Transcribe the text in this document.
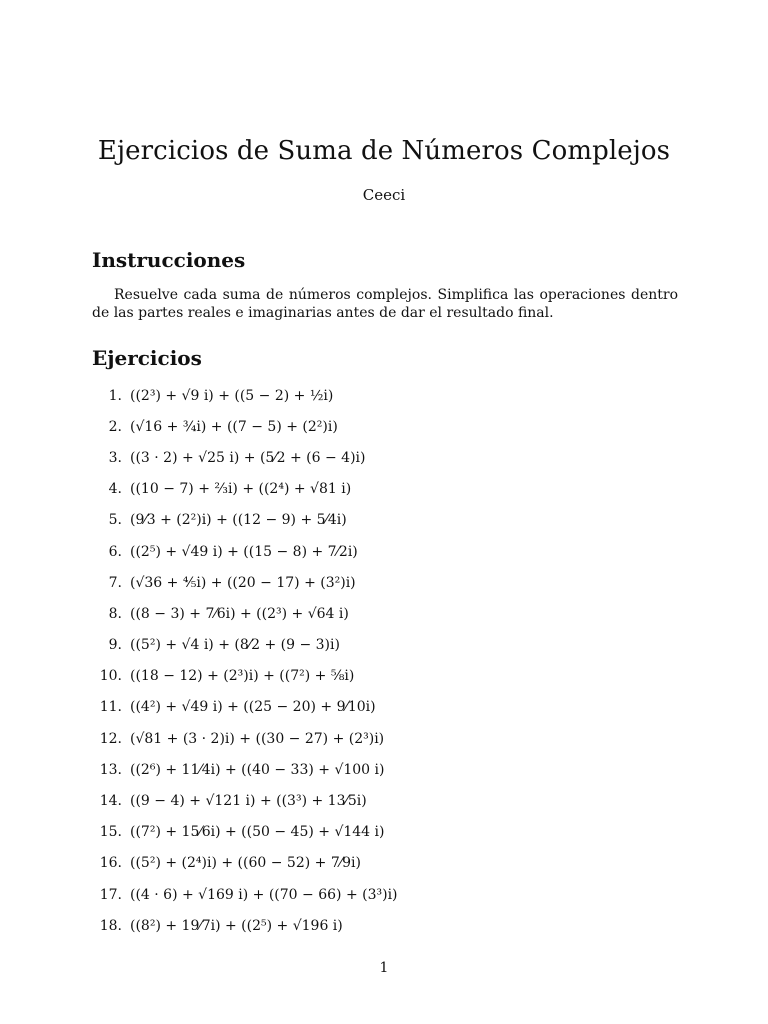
Ejercicios de Suma de Números Complejos
Ceeci
Instrucciones

Resuelve cada suma de números complejos. Simplifica las operaciones dentro de las partes reales e imaginarias antes de dar el resultado final.

Ejercicios
1. ((2³) + √9 i) + ((5 − 2) + ½i)
2. (√16 + ¾i) + ((7 − 5) + (2²)i)
3. ((3 · 2) + √25 i) + (5⁄2 + (6 − 4)i)
4. ((10 − 7) + ⅔i) + ((2⁴) + √81 i)
5. (9⁄3 + (2²)i) + ((12 − 9) + 5⁄4i)
6. ((2⁵) + √49 i) + ((15 − 8) + 7⁄2i)
7. (√36 + ⅘i) + ((20 − 17) + (3²)i)
8. ((8 − 3) + 7⁄6i) + ((2³) + √64 i)
9. ((5²) + √4 i) + (8⁄2 + (9 − 3)i)
10. ((18 − 12) + (2³)i) + ((7²) + ⅝i)
11. ((4²) + √49 i) + ((25 − 20) + 9⁄10i)
12. (√81 + (3 · 2)i) + ((30 − 27) + (2³)i)
13. ((2⁶) + 11⁄4i) + ((40 − 33) + √100 i)
14. ((9 − 4) + √121 i) + ((3³) + 13⁄5i)
15. ((7²) + 15⁄6i) + ((50 − 45) + √144 i)
16. ((5²) + (2⁴)i) + ((60 − 52) + 7⁄9i)
17. ((4 · 6) + √169 i) + ((70 − 66) + (3³)i)
18. ((8²) + 19⁄7i) + ((2⁵) + √196 i)
1
